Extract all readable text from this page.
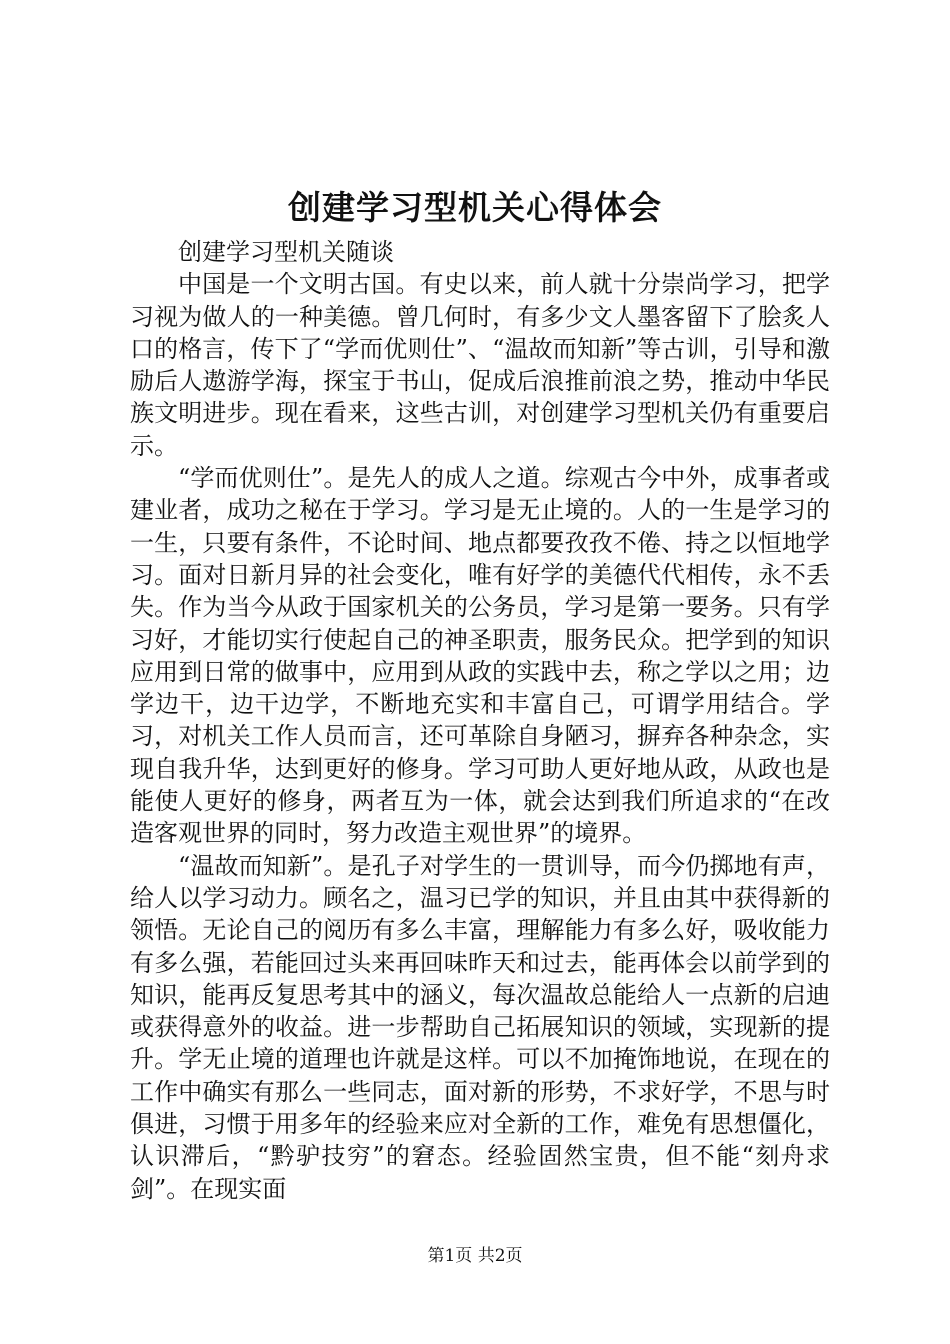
创建学习型机关心得体会

创建学习型机关随谈

中国是一个文明古国。有史以来，前人就十分崇尚学习，把学习视为做人的一种美德。曾几何时，有多少文人墨客留下了脍炙人口的格言，传下了“学而优则仕”、“温故而知新”等古训，引导和激励后人遨游学海，探宝于书山，促成后浪推前浪之势，推动中华民族文明进步。现在看来，这些古训，对创建学习型机关仍有重要启示。

“学而优则仕”。是先人的成人之道。综观古今中外，成事者或建业者，成功之秘在于学习。学习是无止境的。人的一生是学习的一生，只要有条件，不论时间、地点都要孜孜不倦、持之以恒地学习。面对日新月异的社会变化，唯有好学的美德代代相传，永不丢失。作为当今从政于国家机关的公务员，学习是第一要务。只有学习好，才能切实行使起自己的神圣职责，服务民众。把学到的知识应用到日常的做事中，应用到从政的实践中去，称之学以之用；边学边干，边干边学，不断地充实和丰富自己，可谓学用结合。学习，对机关工作人员而言，还可革除自身陋习，摒弃各种杂念，实现自我升华，达到更好的修身。学习可助人更好地从政，从政也是能使人更好的修身，两者互为一体，就会达到我们所追求的“在改造客观世界的同时，努力改造主观世界”的境界。

“温故而知新”。是孔子对学生的一贯训导，而今仍掷地有声，给人以学习动力。顾名之，温习已学的知识，并且由其中获得新的领悟。无论自己的阅历有多么丰富，理解能力有多么好，吸收能力有多么强，若能回过头来再回味昨天和过去，能再体会以前学到的知识，能再反复思考其中的涵义，每次温故总能给人一点新的启迪或获得意外的收益。进一步帮助自己拓展知识的领域，实现新的提升。学无止境的道理也许就是这样。可以不加掩饰地说，在现在的工作中确实有那么一些同志，面对新的形势，不求好学，不思与时俱进，习惯于用多年的经验来应对全新的工作，难免有思想僵化，认识滞后，“黔驴技穷”的窘态。经验固然宝贵，但不能“刻舟求剑”。在现实面

第1页 共2页
